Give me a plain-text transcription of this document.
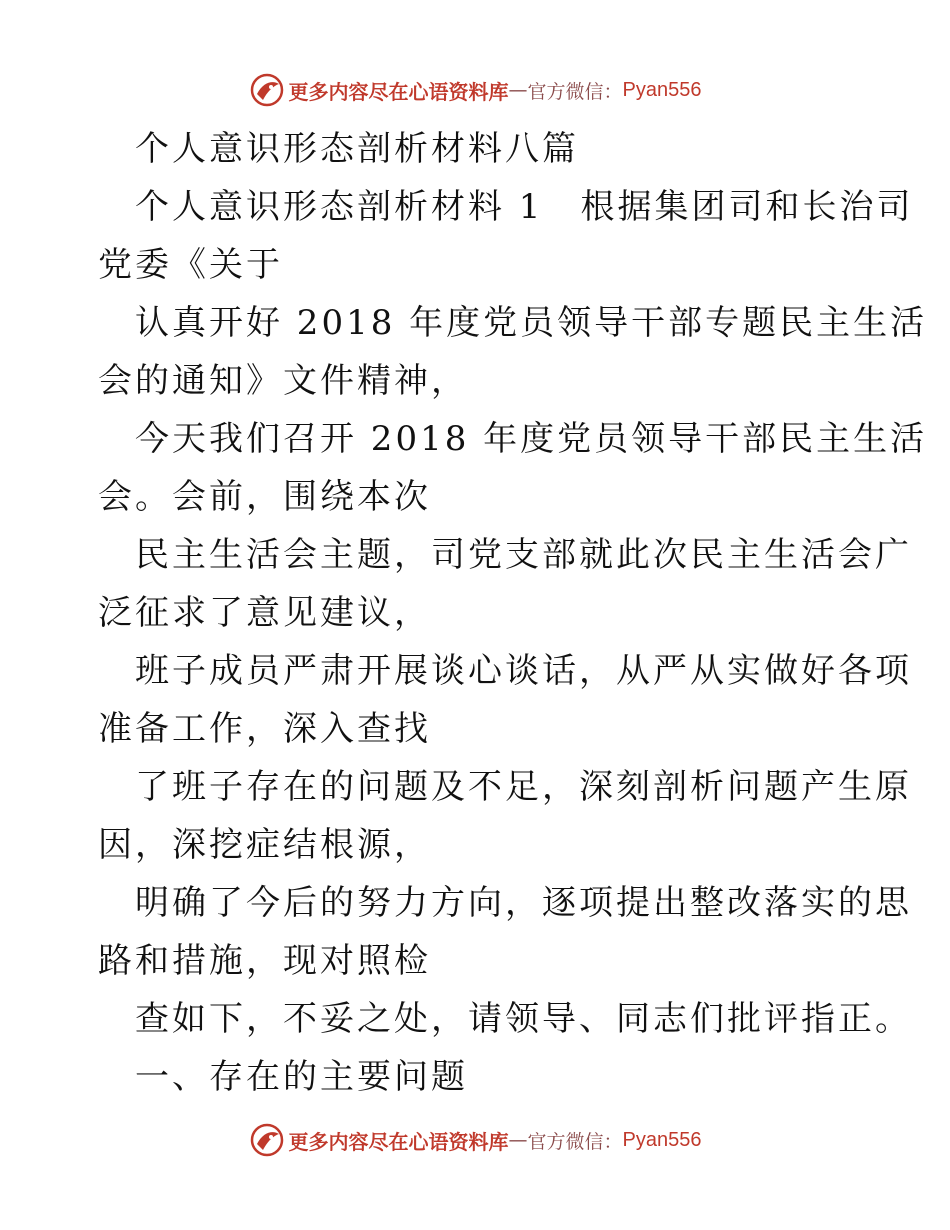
更多内容尽在心语资料库 — 官方微信： Pyan556
个人意识形态剖析材料八篇
个人意识形态剖析材料 1　根据集团司和长治司
党委《关于
认真开好 2018 年度党员领导干部专题民主生活
会的通知》文件精神，
今天我们召开 2018 年度党员领导干部民主生活
会。会前，围绕本次
民主生活会主题，司党支部就此次民主生活会广
泛征求了意见建议，
班子成员严肃开展谈心谈话，从严从实做好各项
准备工作，深入查找
了班子存在的问题及不足，深刻剖析问题产生原
因，深挖症结根源，
明确了今后的努力方向，逐项提出整改落实的思
路和措施，现对照检
查如下，不妥之处，请领导、同志们批评指正。
一、存在的主要问题
更多内容尽在心语资料库 — 官方微信： Pyan556
